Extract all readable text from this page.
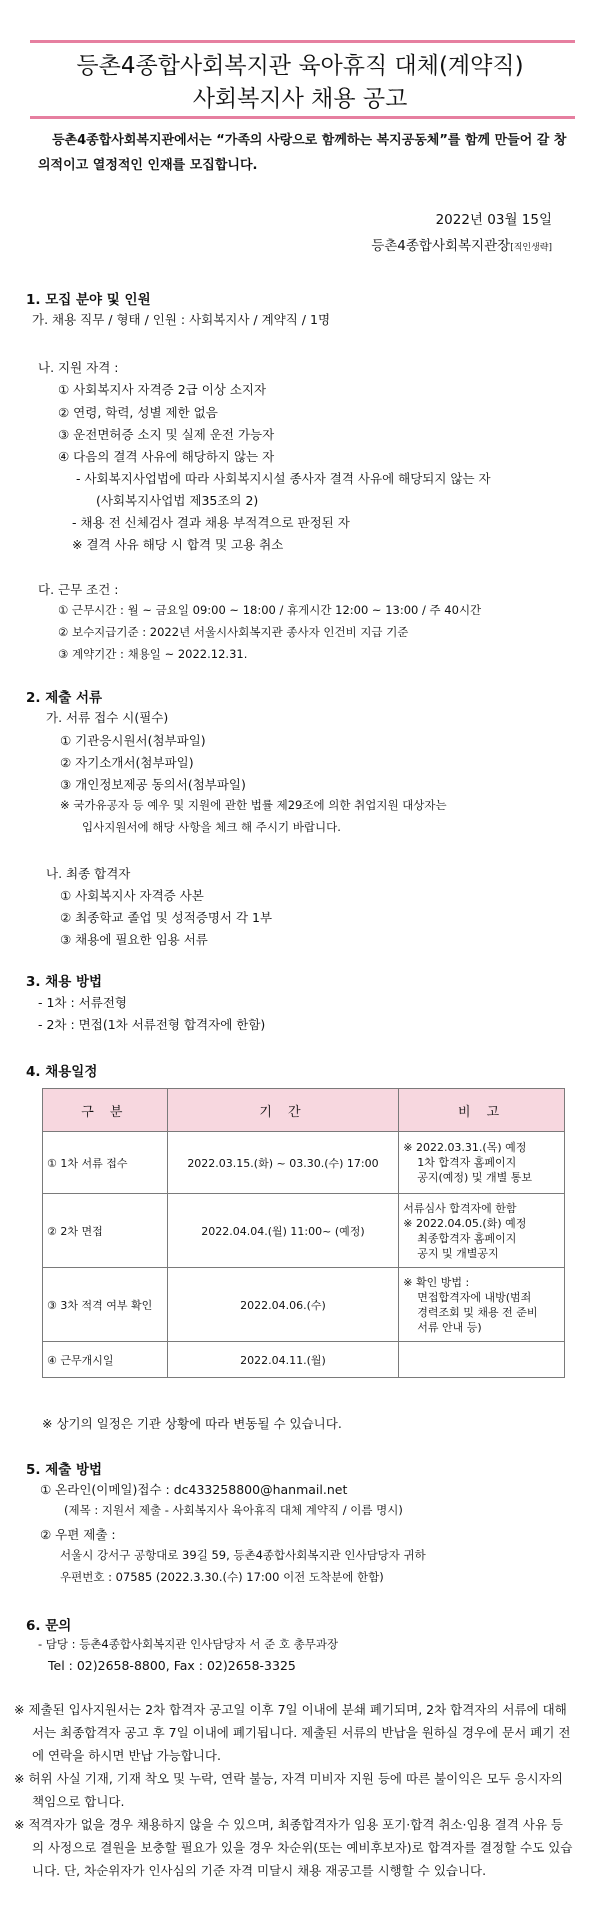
등촌4종합사회복지관 육아휴직 대체(계약직)
사회복지사 채용 공고
등촌4종합사회복지관에서는 “가족의 사랑으로 함께하는 복지공동체”를 함께 만들어 갈 창의적이고 열정적인 인재를 모집합니다.
2022년 03월 15일
등촌4종합사회복지관장[직인생략]
1. 모집 분야 및 인원
가. 채용 직무 / 형태 / 인원 : 사회복지사 / 계약직 / 1명
나. 지원 자격 :
① 사회복지사 자격증 2급 이상 소지자
② 연령, 학력, 성별 제한 없음
③ 운전면허증 소지 및 실제 운전 가능자
④ 다음의 결격 사유에 해당하지 않는 자
- 사회복지사업법에 따라 사회복지시설 종사자 결격 사유에 해당되지 않는 자
(사회복지사업법 제35조의 2)
- 채용 전 신체검사 결과 채용 부적격으로 판정된 자
※ 결격 사유 해당 시 합격 및 고용 취소
다. 근무 조건 :
① 근무시간 : 월 ~ 금요일 09:00 ~ 18:00 / 휴게시간 12:00 ~ 13:00 / 주 40시간
② 보수지급기준 : 2022년 서울시사회복지관 종사자 인건비 지급 기준
③ 계약기간 : 채용일 ~ 2022.12.31.
2. 제출 서류
가. 서류 접수 시(필수)
① 기관응시원서(첨부파일)
② 자기소개서(첨부파일)
③ 개인정보제공 동의서(첨부파일)
※ 국가유공자 등 예우 및 지원에 관한 법률 제29조에 의한 취업지원 대상자는
입사지원서에 해당 사항을 체크 해 주시기 바랍니다.
나. 최종 합격자
① 사회복지사 자격증 사본
② 최종학교 졸업 및 성적증명서 각 1부
③ 채용에 필요한 임용 서류
3. 채용 방법
- 1차 : 서류전형
- 2차 : 면접(1차 서류전형 합격자에 한함)
4. 채용일정
구 분	기 간	비 고
① 1차 서류 접수	2022.03.15.(화) ~ 03.30.(수) 17:00	※ 2022.03.31.(목) 예정
1차 합격자 홈페이지
공지(예정) 및 개별 통보

② 2차 면접	2022.04.04.(월) 11:00~ (예정)	서류심사 합격자에 한함
※ 2022.04.05.(화) 예정
최종합격자 홈페이지
공지 및 개별공지

③ 3차 적격 여부 확인	2022.04.06.(수)	※ 확인 방법 :
면접합격자에 내방(범죄
경력조회 및 채용 전 준비
서류 안내 등)

④ 근무개시일	2022.04.11.(월)	
※ 상기의 일정은 기관 상황에 따라 변동될 수 있습니다.
5. 제출 방법
① 온라인(이메일)접수 : dc433258800@hanmail.net
(제목 : 지원서 제출 - 사회복지사 육아휴직 대체 계약직 / 이름 명시)
② 우편 제출 :
서울시 강서구 공항대로 39길 59, 등촌4종합사회복지관 인사담당자 귀하
우편번호 : 07585 (2022.3.30.(수) 17:00 이전 도착분에 한함)
6. 문의
- 담당 : 등촌4종합사회복지관 인사담당자 서 준 호 총무과장
Tel : 02)2658-8800, Fax : 02)2658-3325
※ 제출된 입사지원서는 2차 합격자 공고일 이후 7일 이내에 분쇄 폐기되며, 2차 합격자의 서류에 대해서는 최종합격자 공고 후 7일 이내에 폐기됩니다. 제출된 서류의 반납을 원하실 경우에 문서 폐기 전에 연락을 하시면 반납 가능합니다.
※ 허위 사실 기재, 기재 착오 및 누락, 연락 불능, 자격 미비자 지원 등에 따른 불이익은 모두 응시자의 책임으로 합니다.
※ 적격자가 없을 경우 채용하지 않을 수 있으며, 최종합격자가 임용 포기·합격 취소·임용 결격 사유 등의 사정으로 결원을 보충할 필요가 있을 경우 차순위(또는 예비후보자)로 합격자를 결정할 수도 있습니다. 단, 차순위자가 인사심의 기준 자격 미달시 채용 재공고를 시행할 수 있습니다.
